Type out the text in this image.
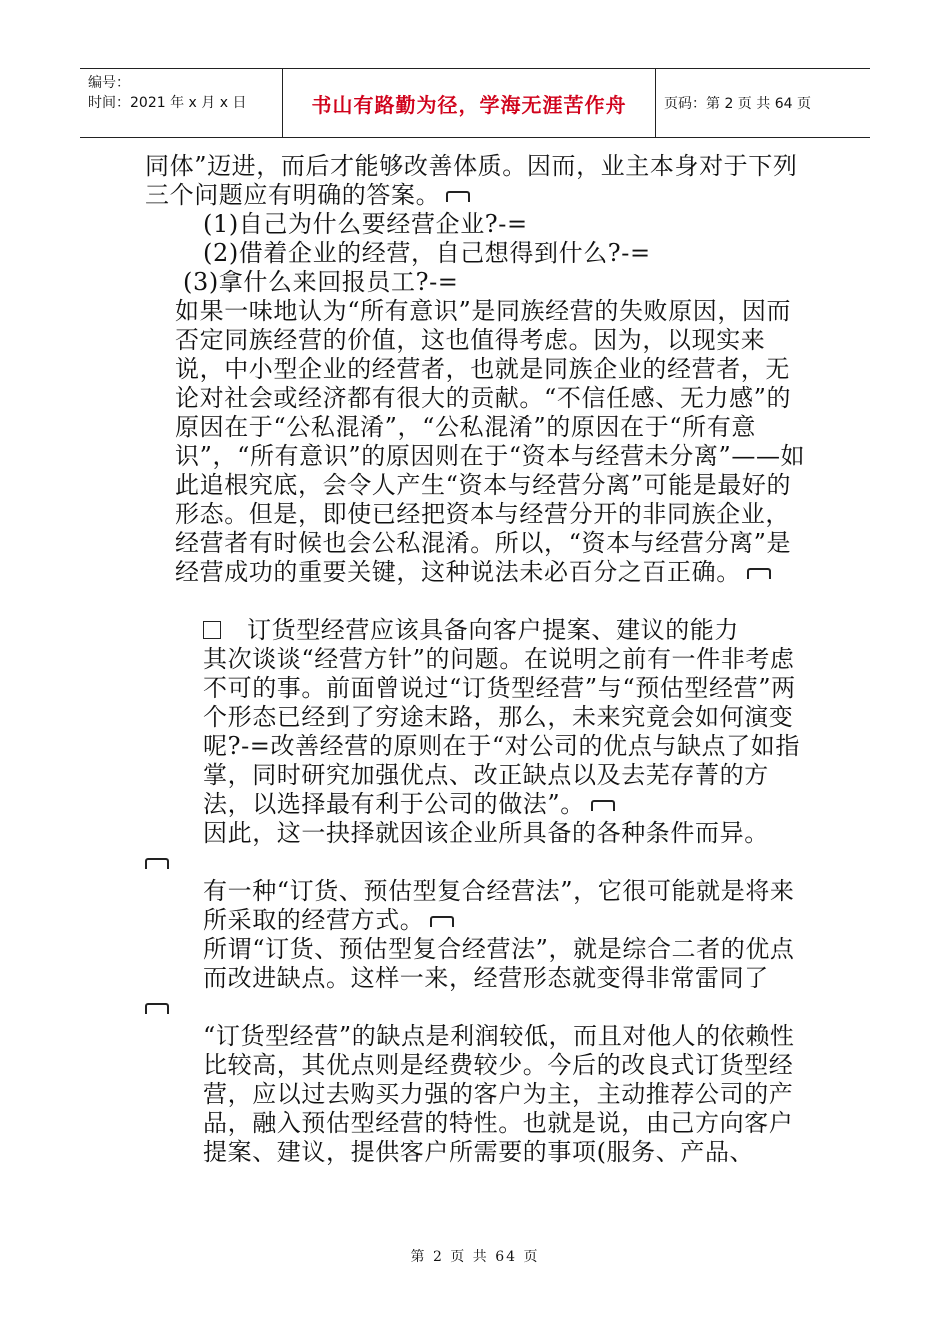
编号：
时间：2021 年 x 月 x 日	书山有路勤为径，学海无涯苦作舟	页码：第 2 页 共 64 页

同体”迈进，而后才能够改善体质。因而，业主本身对于下列三个问题应有明确的答案。

(1)自己为什么要经营企业?-=

(2)借着企业的经营，自己想得到什么?-=

(3)拿什么来回报员工?-=

如果一味地认为“所有意识”是同族经营的失败原因，因而否定同族经营的价值，这也值得考虑。因为，以现实来说，中小型企业的经营者，也就是同族企业的经营者，无论对社会或经济都有很大的贡献。“不信任感、无力感”的原因在于“公私混淆”，“公私混淆”的原因在于“所有意识”，“所有意识”的原因则在于“资本与经营未分离”——如此追根究底，会令人产生“资本与经营分离”可能是最好的形态。但是，即使已经把资本与经营分开的非同族企业，经营者有时候也会公私混淆。所以，“资本与经营分离”是经营成功的重要关键，这种说法未必百分之百正确。

订货型经营应该具备向客户提案、建议的能力

其次谈谈“经营方针”的问题。在说明之前有一件非考虑不可的事。前面曾说过“订货型经营”与“预估型经营”两个形态已经到了穷途末路，那么，未来究竟会如何演变呢?-=改善经营的原则在于“对公司的优点与缺点了如指掌，同时研究加强优点、改正缺点以及去芜存菁的方法，以选择最有利于公司的做法”。

因此，这一抉择就因该企业所具备的各种条件而异。

有一种“订货、预估型复合经营法”，它很可能就是将来所采取的经营方式。

所谓“订货、预估型复合经营法”，就是综合二者的优点而改进缺点。这样一来，经营形态就变得非常雷同了

“订货型经营”的缺点是利润较低，而且对他人的依赖性比较高，其优点则是经费较少。今后的改良式订货型经营，应以过去购买力强的客户为主，主动推荐公司的产品，融入预估型经营的特性。也就是说，由己方向客户提案、建议，提供客户所需要的事项(服务、产品、

第 2 页 共 64 页
